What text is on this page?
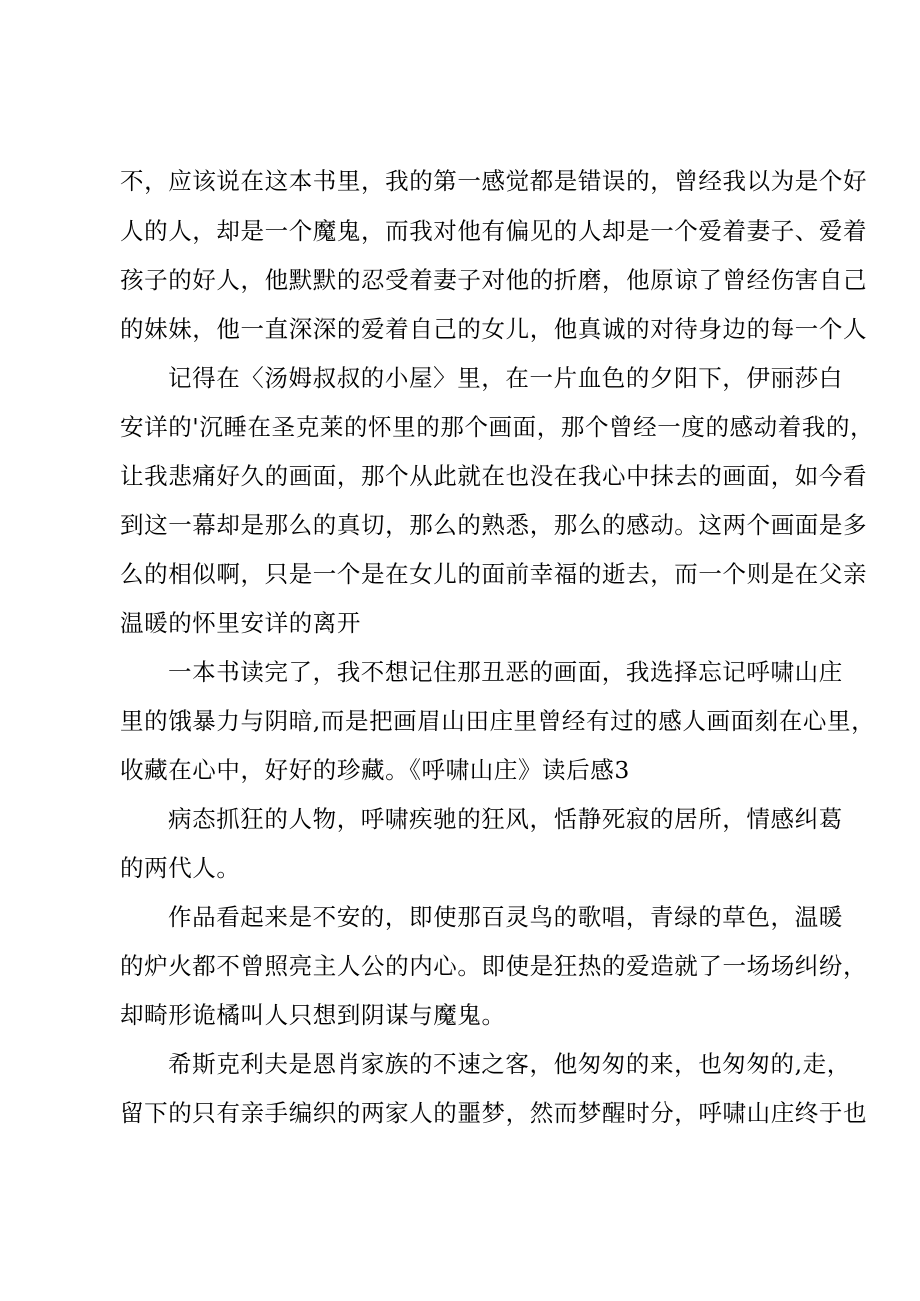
不，应该说在这本书里，我的第一感觉都是错误的，曾经我以为是个好
人的人，却是一个魔鬼，而我对他有偏见的人却是一个爱着妻子、爱着
孩子的好人，他默默的忍受着妻子对他的折磨，他原谅了曾经伤害自己
的妹妹，他一直深深的爱着自己的女儿，他真诚的对待身边的每一个人
记得在〈汤姆叔叔的小屋〉里，在一片血色的夕阳下，伊丽莎白
安详的'沉睡在圣克莱的怀里的那个画面，那个曾经一度的感动着我的，
让我悲痛好久的画面，那个从此就在也没在我心中抹去的画面，如今看
到这一幕却是那么的真切，那么的熟悉，那么的感动。这两个画面是多
么的相似啊，只是一个是在女儿的面前幸福的逝去，而一个则是在父亲
温暖的怀里安详的离开
一本书读完了，我不想记住那丑恶的画面，我选择忘记呼啸山庄
里的饿暴力与阴暗,而是把画眉山田庄里曾经有过的感人画面刻在心里，
收藏在心中，好好的珍藏。《呼啸山庄》读后感3
病态抓狂的人物，呼啸疾驰的狂风，恬静死寂的居所，情感纠葛
的两代人。
作品看起来是不安的，即使那百灵鸟的歌唱，青绿的草色，温暖
的炉火都不曾照亮主人公的内心。即使是狂热的爱造就了一场场纠纷，
却畸形诡橘叫人只想到阴谋与魔鬼。
希斯克利夫是恩肖家族的不速之客，他匆匆的来，也匆匆的,走，
留下的只有亲手编织的两家人的噩梦，然而梦醒时分，呼啸山庄终于也
